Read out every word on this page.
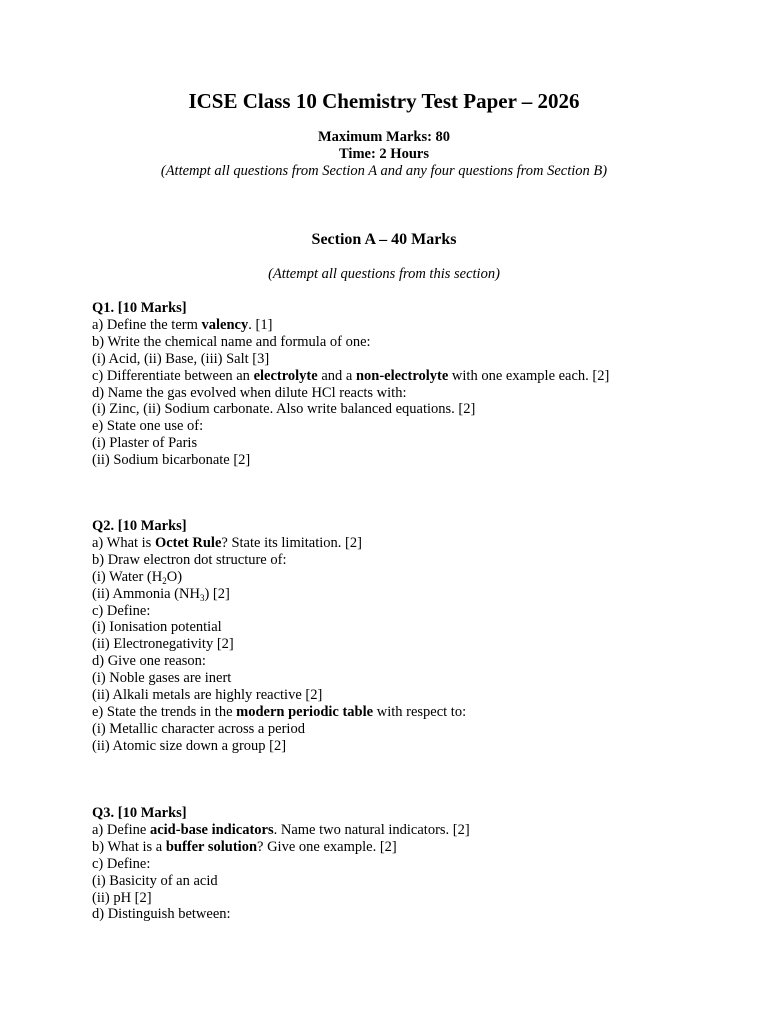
ICSE Class 10 Chemistry Test Paper – 2026

Maximum Marks: 80

Time: 2 Hours

(Attempt all questions from Section A and any four questions from Section B)

Section A – 40 Marks

(Attempt all questions from this section)

Q1. [10 Marks]
a) Define the term valency. [1]
b) Write the chemical name and formula of one:
(i) Acid, (ii) Base, (iii) Salt [3]
c) Differentiate between an electrolyte and a non-electrolyte with one example each. [2]
d) Name the gas evolved when dilute HCl reacts with:
(i) Zinc, (ii) Sodium carbonate. Also write balanced equations. [2]
e) State one use of:
(i) Plaster of Paris
(ii) Sodium bicarbonate [2]
Q2. [10 Marks]
a) What is Octet Rule? State its limitation. [2]
b) Draw electron dot structure of:
(i) Water $(H_2O)$
(ii) Ammonia $(NH_3)$ [2]
c) Define:
(i) Ionisation potential
(ii) Electronegativity [2]
d) Give one reason:
(i) Noble gases are inert
(ii) Alkali metals are highly reactive [2]
e) State the trends in the modern periodic table with respect to:
(i) Metallic character across a period
(ii) Atomic size down a group [2]
Q3. [10 Marks]
a) Define acid-base indicators. Name two natural indicators. [2]
b) What is a buffer solution? Give one example. [2]
c) Define:
(i) Basicity of an acid
(ii) pH [2]
d) Distinguish between:
